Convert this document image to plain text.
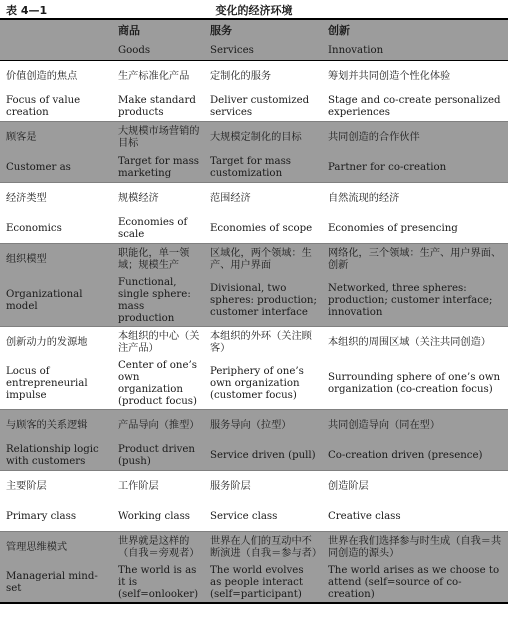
表 4—1	变化的经济环境
	商品	服务	创新
	Goods	Services	Innovation
价值创造的焦点	生产标准化产品	定制化的服务	筹划并共同创造个性化体验
Focus of value creation	Make standard products	Deliver customized services	Stage and co-create personalized experiences
顾客是	大规模市场营销的目标	大规模定制化的目标	共同创造的合作伙伴
Customer as	Target for mass marketing	Target for mass customization	Partner for co-creation
经济类型	规模经济	范围经济	自然流现的经济
Economics	Economies of scale	Economies of scope	Economies of presencing
组织模型	职能化，单一领域；规模生产	区域化，两个领域：生产、用户界面	网络化，三个领域：生产、用户界面、创新
Organizational model	Functional, single sphere: mass production	Divisional, two spheres: production; customer interface	Networked, three spheres: production; customer interface; innovation
创新动力的发源地	本组织的中心（关注产品）	本组织的外环（关注顾客）	本组织的周围区域（关注共同创造）
Locus of entrepreneurial impulse	Center of one’s own organization (product focus)	Periphery of one’s own organization (customer focus)	Surrounding sphere of one’s own organization (co-creation focus)
与顾客的关系逻辑	产品导向（推型）	服务导向（拉型）	共同创造导向（同在型）
Relationship logic with customers	Product driven (push)	Service driven (pull)	Co-creation driven (presence)
主要阶层	工作阶层	服务阶层	创造阶层
Primary class	Working class	Service class	Creative class
管理思维模式	世界就是这样的（自我＝旁观者）	世界在人们的互动中不断演进（自我＝参与者）	世界在我们选择参与时生成（自我＝共同创造的源头）
Managerial mind-set	The world is as it is (self=onlooker)	The world evolves as people interact (self=participant)	The world arises as we choose to attend (self=source of co-creation)
